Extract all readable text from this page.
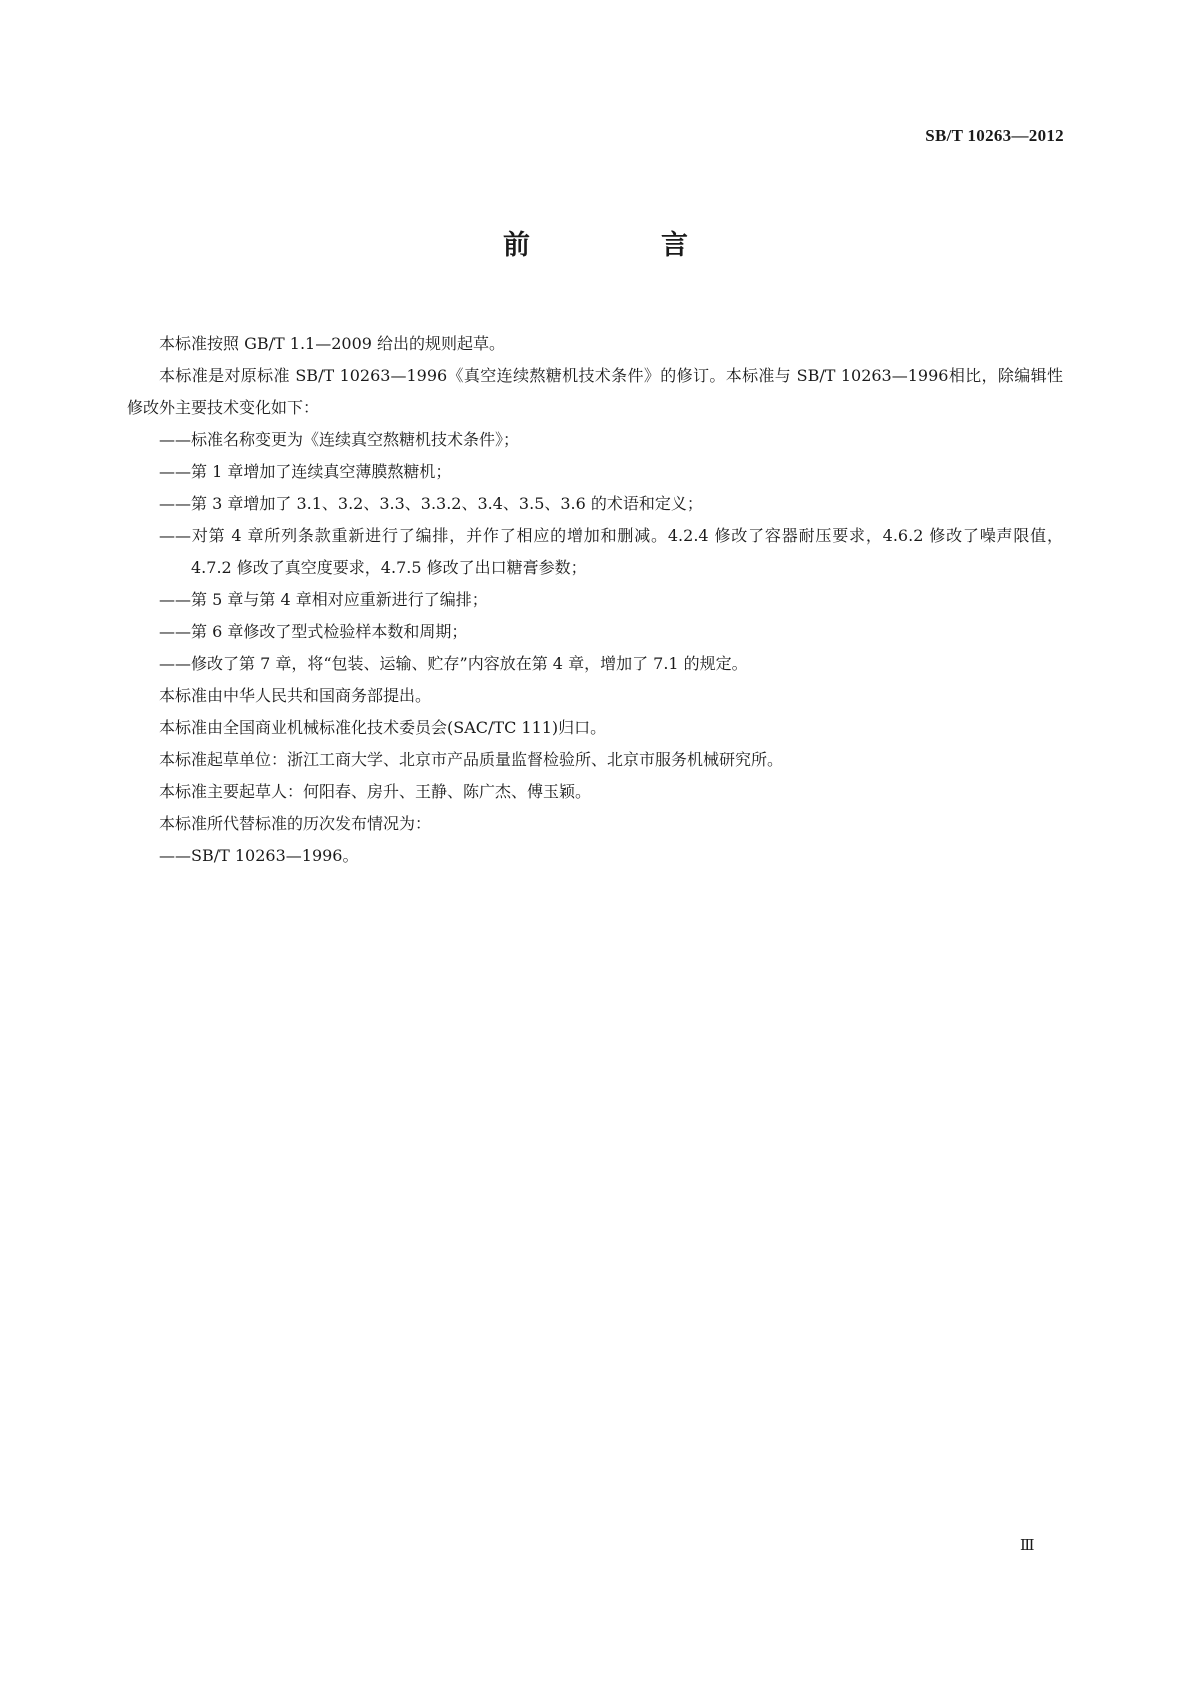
SB/T 10263—2012
前　言

本标准按照 GB/T 1.1—2009 给出的规则起草。

本标准是对原标准 SB/T 10263—1996《真空连续熬糖机技术条件》的修订。本标准与 SB/T 10263—1996相比，除编辑性修改外主要技术变化如下：

——标准名称变更为《连续真空熬糖机技术条件》；

——第 1 章增加了连续真空薄膜熬糖机；

——第 3 章增加了 3.1、3.2、3.3、3.3.2、3.4、3.5、3.6 的术语和定义；

——对第 4 章所列条款重新进行了编排，并作了相应的增加和删减。4.2.4 修改了容器耐压要求，4.6.2 修改了噪声限值，4.7.2 修改了真空度要求，4.7.5 修改了出口糖膏参数；

——第 5 章与第 4 章相对应重新进行了编排；

——第 6 章修改了型式检验样本数和周期；

——修改了第 7 章，将“包装、运输、贮存”内容放在第 4 章，增加了 7.1 的规定。

本标准由中华人民共和国商务部提出。

本标准由全国商业机械标准化技术委员会(SAC/TC 111)归口。

本标准起草单位：浙江工商大学、北京市产品质量监督检验所、北京市服务机械研究所。

本标准主要起草人：何阳春、房升、王静、陈广杰、傅玉颖。

本标准所代替标准的历次发布情况为：

——SB/T 10263—1996。

Ⅲ
